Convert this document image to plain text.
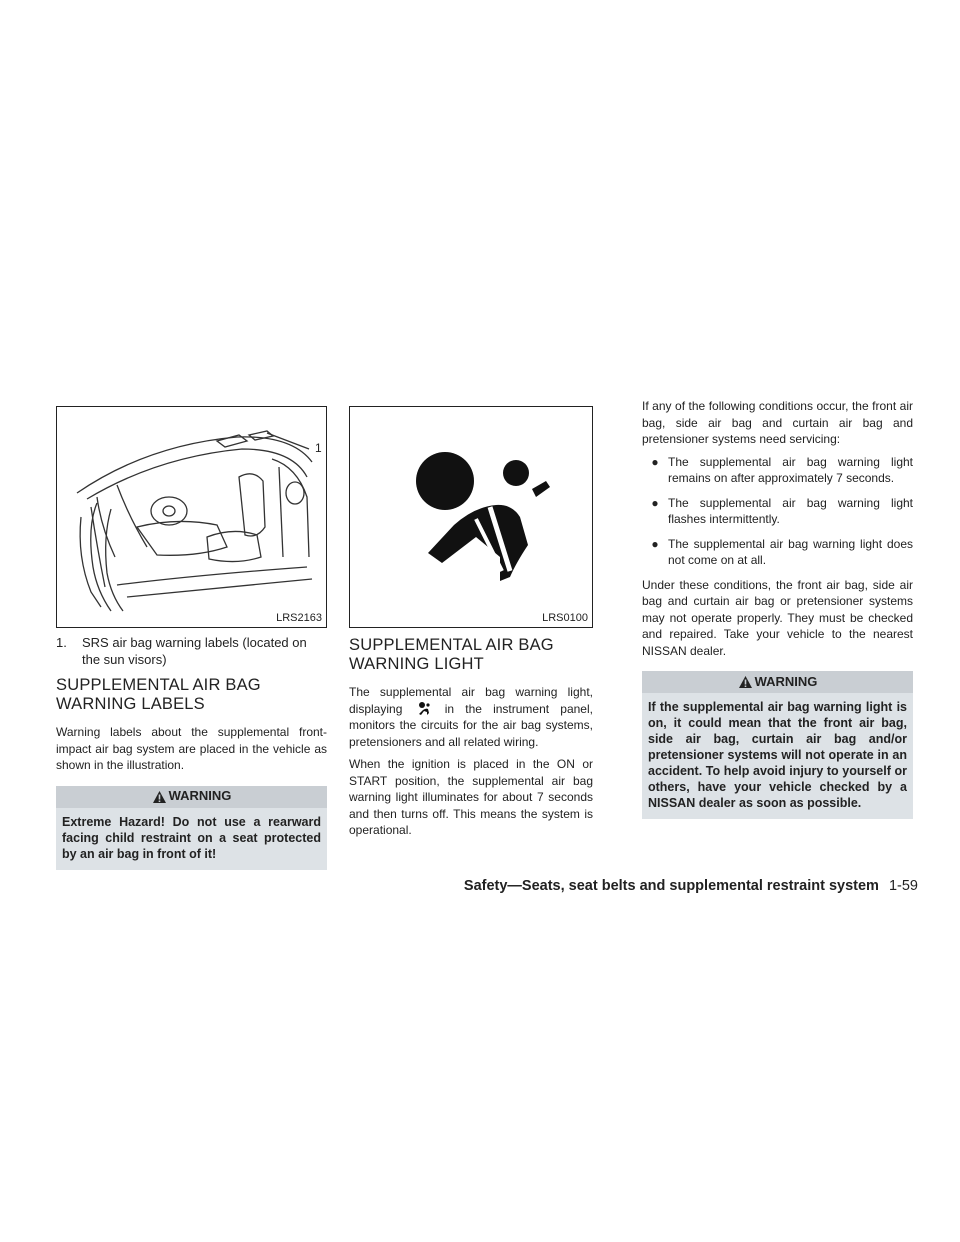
1
LRS2163	LRS0100
1.	SRS air bag warning labels (located on the sun visors)
SUPPLEMENTAL AIR BAG WARNING LABELS

Warning labels about the supplemental front-impact air bag system are placed in the vehicle as shown in the illustration.

WARNING
Extreme Hazard! Do not use a rearward facing child restraint on a seat protected by an air bag in front of it!
SUPPLEMENTAL AIR BAG WARNING LIGHT

The supplemental air bag warning light, displaying	in the instrument panel, monitors the circuits for the air bag systems, pretensioners and all related wiring.

When the ignition is placed in the ON or START position, the supplemental air bag warning light illuminates for about 7 seconds and then turns off. This means the system is operational.

If any of the following conditions occur, the front air bag, side air bag and curtain air bag and pretensioner systems need servicing:

● The supplemental air bag warning light remains on after approximately 7 seconds.
● The supplemental air bag warning light flashes intermittently.
● The supplemental air bag warning light does not come on at all.

Under these conditions, the front air bag, side air bag and curtain air bag or pretensioner systems may not operate properly. They must be checked and repaired. Take your vehicle to the nearest NISSAN dealer.

WARNING
If the supplemental air bag warning light is on, it could mean that the front air bag, side air bag, curtain air bag and/or pretensioner systems will not operate in an accident. To help avoid injury to yourself or others, have your vehicle checked by a NISSAN dealer as soon as possible.
Safety—Seats, seat belts and supplemental restraint system 1-59
